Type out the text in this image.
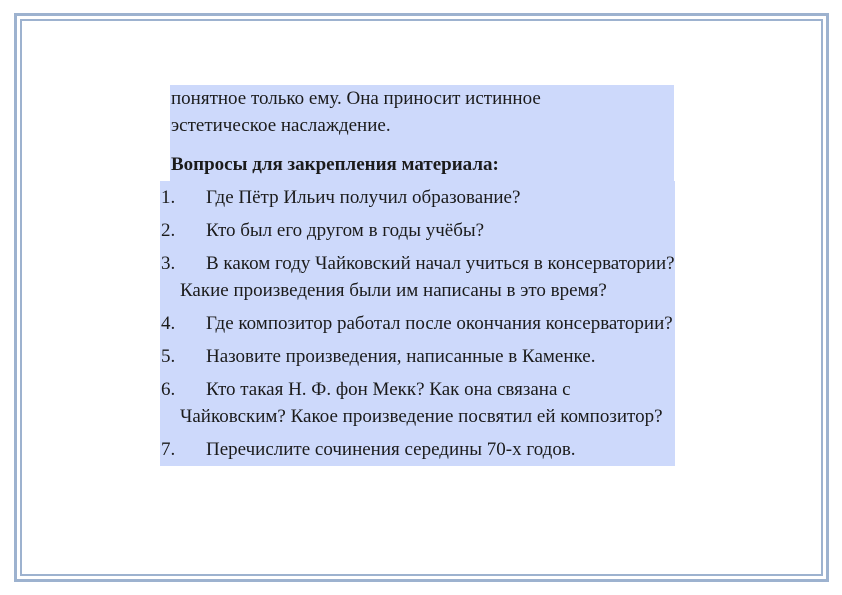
понятное только ему. Она приносит истинное
эстетическое наслаждение.
Вопросы для закрепления материала:
1.	Где Пётр Ильич получил образование?
2.	Кто был его другом в годы учёбы?
3.	В каком году Чайковский начал учиться в консерватории? Какие произведения были им написаны в это время?
4.	Где композитор работал после окончания консерватории?
5.	Назовите произведения, написанные в Каменке.
6.	Кто такая Н. Ф. фон Мекк? Как она связана с Чайковским? Какое произведение посвятил ей композитор?
7.	Перечислите сочинения середины 70-х годов.
